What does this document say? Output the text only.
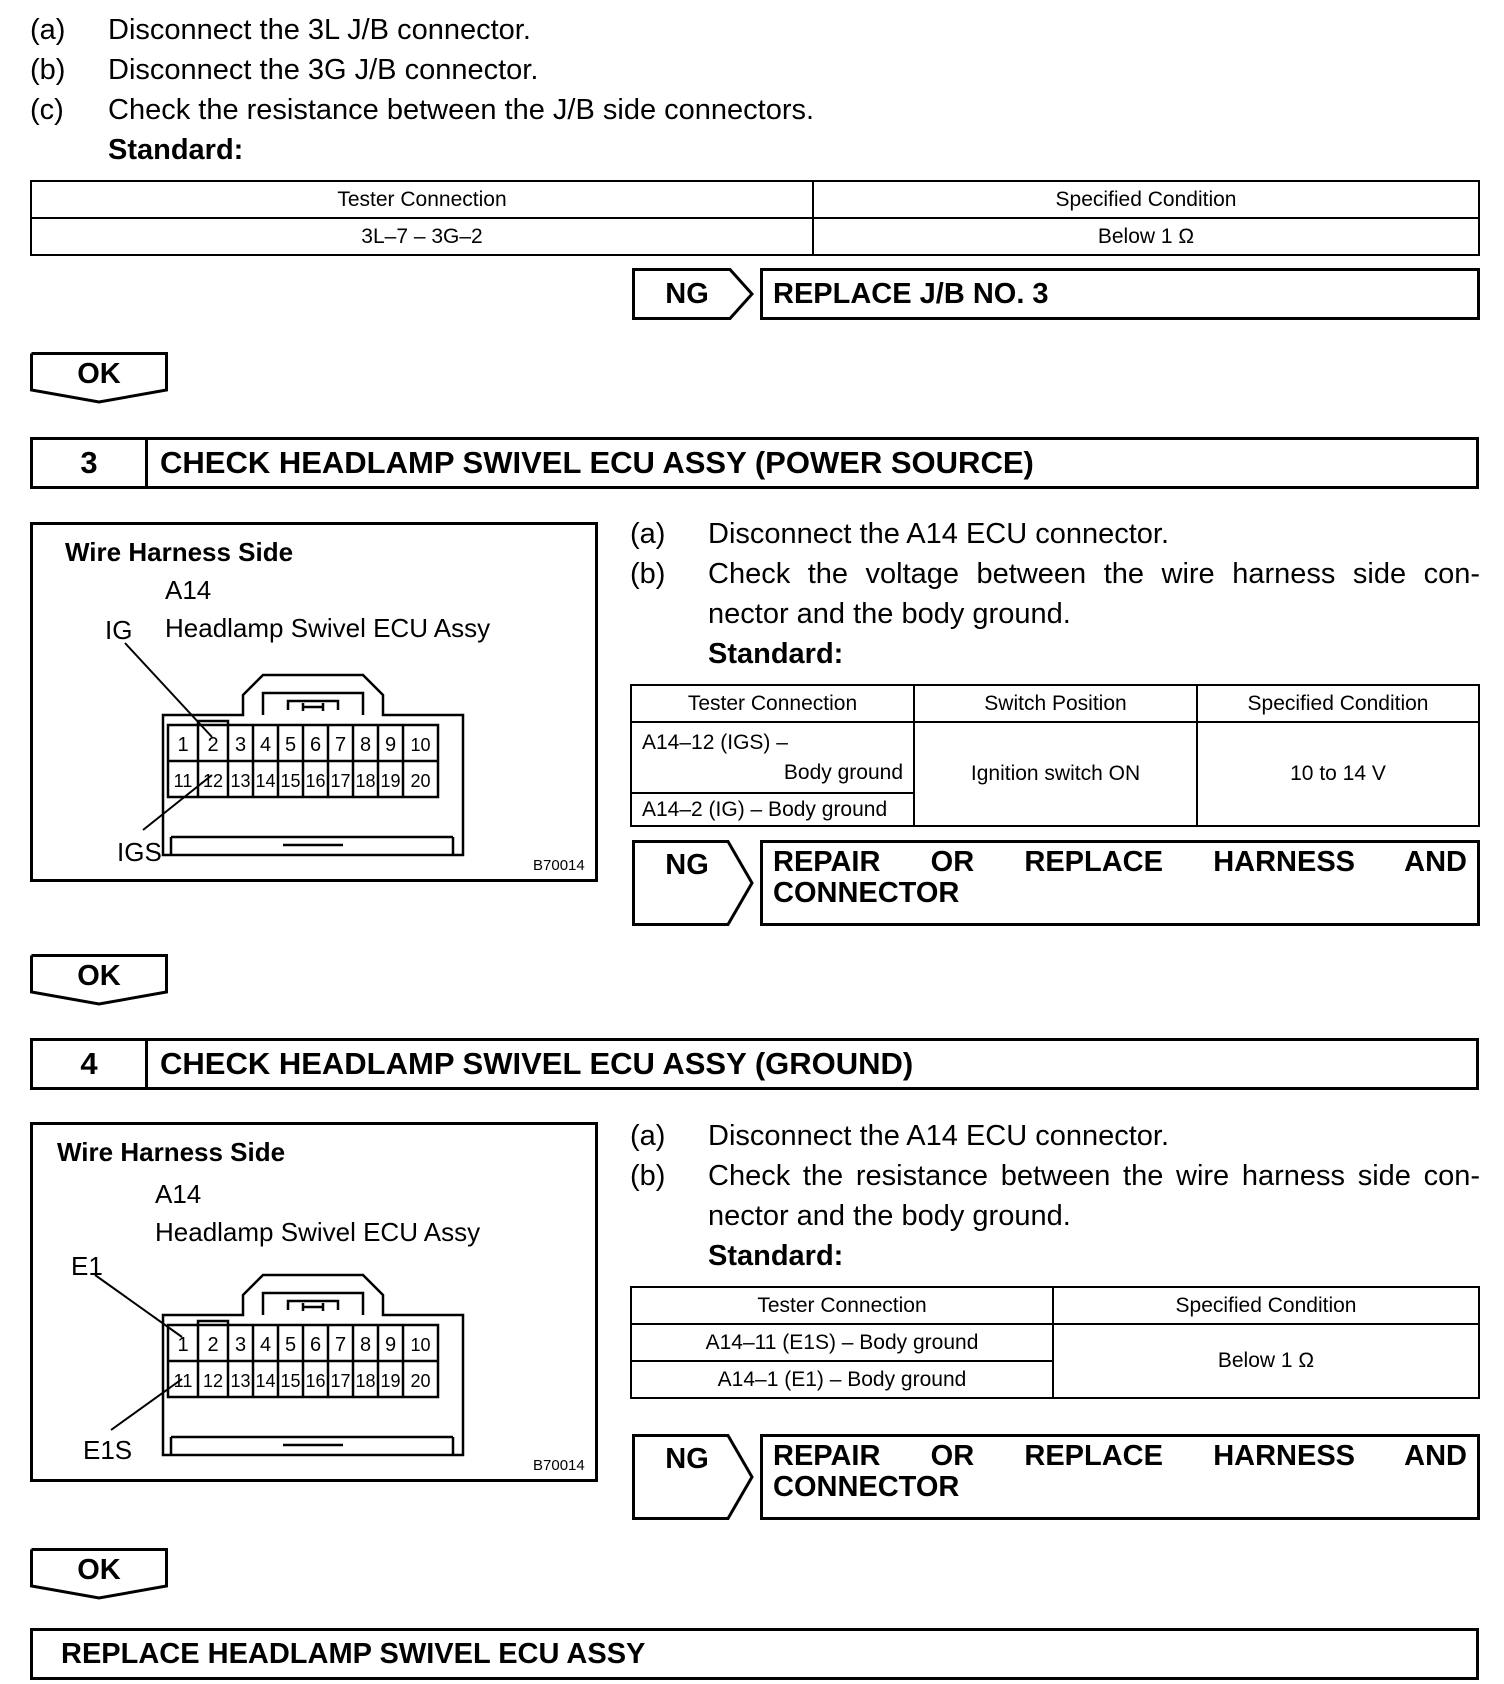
(a) Disconnect the 3L J/B connector.
(b) Disconnect the 3G J/B connector.
(c) Check the resistance between the J/B side connectors.
Standard:
Tester Connection	Specified Condition
3L–7 – 3G–2	Below 1 Ω
NG	REPLACE J/B NO. 3
OK
3	CHECK HEADLAMP SWIVEL ECU ASSY (POWER SOURCE)
Wire Harness Side
A14
Headlamp Swivel ECU Assy
IG
IGS	B70014
1 2 3 4 5 6 7 8 9 10
11 12 13 14 15 16 17 18 19 20
(a) Disconnect the A14 ECU connector.
(b) Check the voltage between the wire harness side con-
nector and the body ground.
Standard:
Tester Connection	Switch Position	Specified Condition

A14–12 (IGS) –
Body ground	Ignition switch ON	10 to 14 V
A14–2 (IG) – Body ground		
NG	REPAIR OR REPLACE HARNESS AND
CONNECTOR
OK
4	CHECK HEADLAMP SWIVEL ECU ASSY (GROUND)
Wire Harness Side
A14
Headlamp Swivel ECU Assy
E1
E1S
B70014
1 2 3 4 5 6 7 8 9 10
11 12 13 14 15 16 17 18 19 20
(a) Disconnect the A14 ECU connector.
(b) Check the resistance between the wire harness side con-
nector and the body ground.
Standard:
Tester Connection	Specified Condition
A14–11 (E1S) – Body ground	Below 1 Ω
A14–1 (E1) – Body ground	
NG	REPAIR OR REPLACE HARNESS AND
CONNECTOR
OK
REPLACE HEADLAMP SWIVEL ECU ASSY
